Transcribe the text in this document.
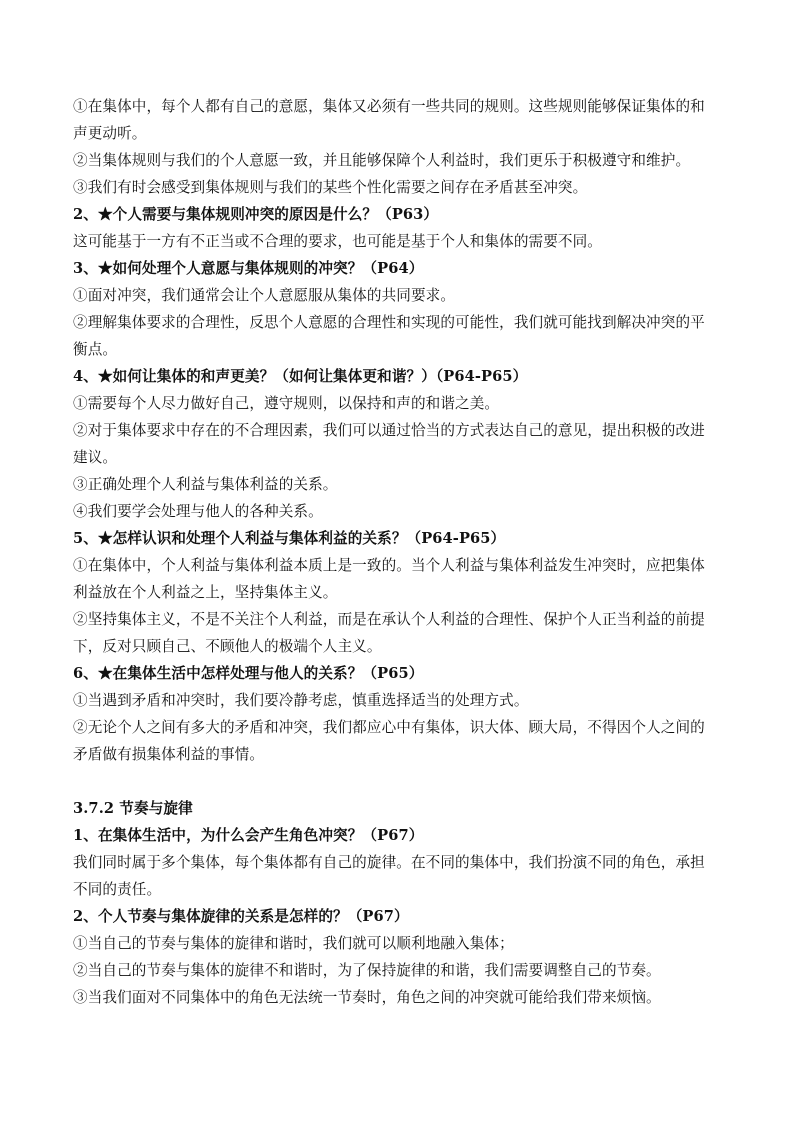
①在集体中，每个人都有自己的意愿，集体又必须有一些共同的规则。这些规则能够保证集体的和
声更动听。
②当集体规则与我们的个人意愿一致，并且能够保障个人利益时，我们更乐于积极遵守和维护。
③我们有时会感受到集体规则与我们的某些个性化需要之间存在矛盾甚至冲突。
2、★个人需要与集体规则冲突的原因是什么？（P63）
这可能基于一方有不正当或不合理的要求，也可能是基于个人和集体的需要不同。
3、★如何处理个人意愿与集体规则的冲突？（P64）
①面对冲突，我们通常会让个人意愿服从集体的共同要求。
②理解集体要求的合理性，反思个人意愿的合理性和实现的可能性，我们就可能找到解决冲突的平
衡点。
4、★如何让集体的和声更美？（如何让集体更和谐？）（P64-P65）
①需要每个人尽力做好自己，遵守规则，以保持和声的和谐之美。
②对于集体要求中存在的不合理因素，我们可以通过恰当的方式表达自己的意见，提出积极的改进
建议。
③正确处理个人利益与集体利益的关系。
④我们要学会处理与他人的各种关系。
5、★怎样认识和处理个人利益与集体利益的关系？（P64-P65）
①在集体中，个人利益与集体利益本质上是一致的。当个人利益与集体利益发生冲突时，应把集体
利益放在个人利益之上，坚持集体主义。
②坚持集体主义，不是不关注个人利益，而是在承认个人利益的合理性、保护个人正当利益的前提
下，反对只顾自己、不顾他人的极端个人主义。
6、★在集体生活中怎样处理与他人的关系？（P65）
①当遇到矛盾和冲突时，我们要冷静考虑，慎重选择适当的处理方式。
②无论个人之间有多大的矛盾和冲突，我们都应心中有集体，识大体、顾大局，不得因个人之间的
矛盾做有损集体利益的事情。
3.7.2 节奏与旋律
1、在集体生活中，为什么会产生角色冲突？（P67）
我们同时属于多个集体，每个集体都有自己的旋律。在不同的集体中，我们扮演不同的角色，承担
不同的责任。
2、个人节奏与集体旋律的关系是怎样的？（P67）
①当自己的节奏与集体的旋律和谐时，我们就可以顺利地融入集体；
②当自己的节奏与集体的旋律不和谐时，为了保持旋律的和谐，我们需要调整自己的节奏。
③当我们面对不同集体中的角色无法统一节奏时，角色之间的冲突就可能给我们带来烦恼。
